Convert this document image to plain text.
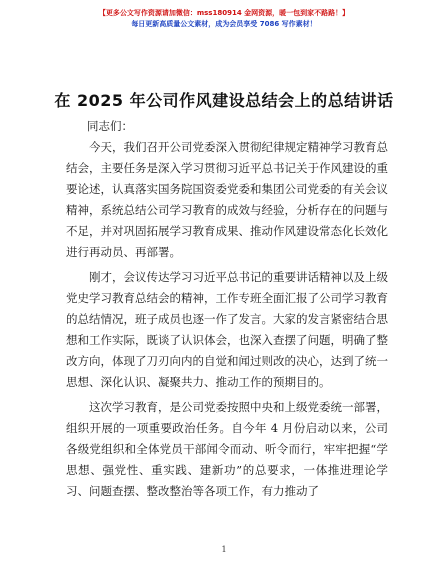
【更多公文写作资源请加微信：mss180914 金网资源，暖一包到家不路路！】
每日更新高质量公文素材，成为会员享受 7086 写作素材！
在 2025 年公司作风建设总结会上的总结讲话
同志们：

今天，我们召开公司党委深入贯彻纪律规定精神学习教育总结会，主要任务是深入学习贯彻习近平总书记关于作风建设的重要论述，认真落实国务院国资委党委和集团公司党委的有关会议精神，系统总结公司学习教育的成效与经验，分析存在的问题与不足，并对巩固拓展学习教育成果、推动作风建设常态化长效化进行再动员、再部署。

刚才，会议传达学习习近平总书记的重要讲话精神以及上级党史学习教育总结会的精神，工作专班全面汇报了公司学习教育的总结情况，班子成员也逐一作了发言。大家的发言紧密结合思想和工作实际，既谈了认识体会，也深入查摆了问题，明确了整改方向，体现了刀刃向内的自觉和闻过则改的决心，达到了统一思想、深化认识、凝聚共力、推动工作的预期目的。

这次学习教育，是公司党委按照中央和上级党委统一部署，组织开展的一项重要政治任务。自今年 4 月份启动以来，公司各级党组织和全体党员干部闻令而动、听令而行，牢牢把握“学思想、强党性、重实践、建新功”的总要求，一体推进理论学习、问题查摆、整改整治等各项工作，有力推动了

1
